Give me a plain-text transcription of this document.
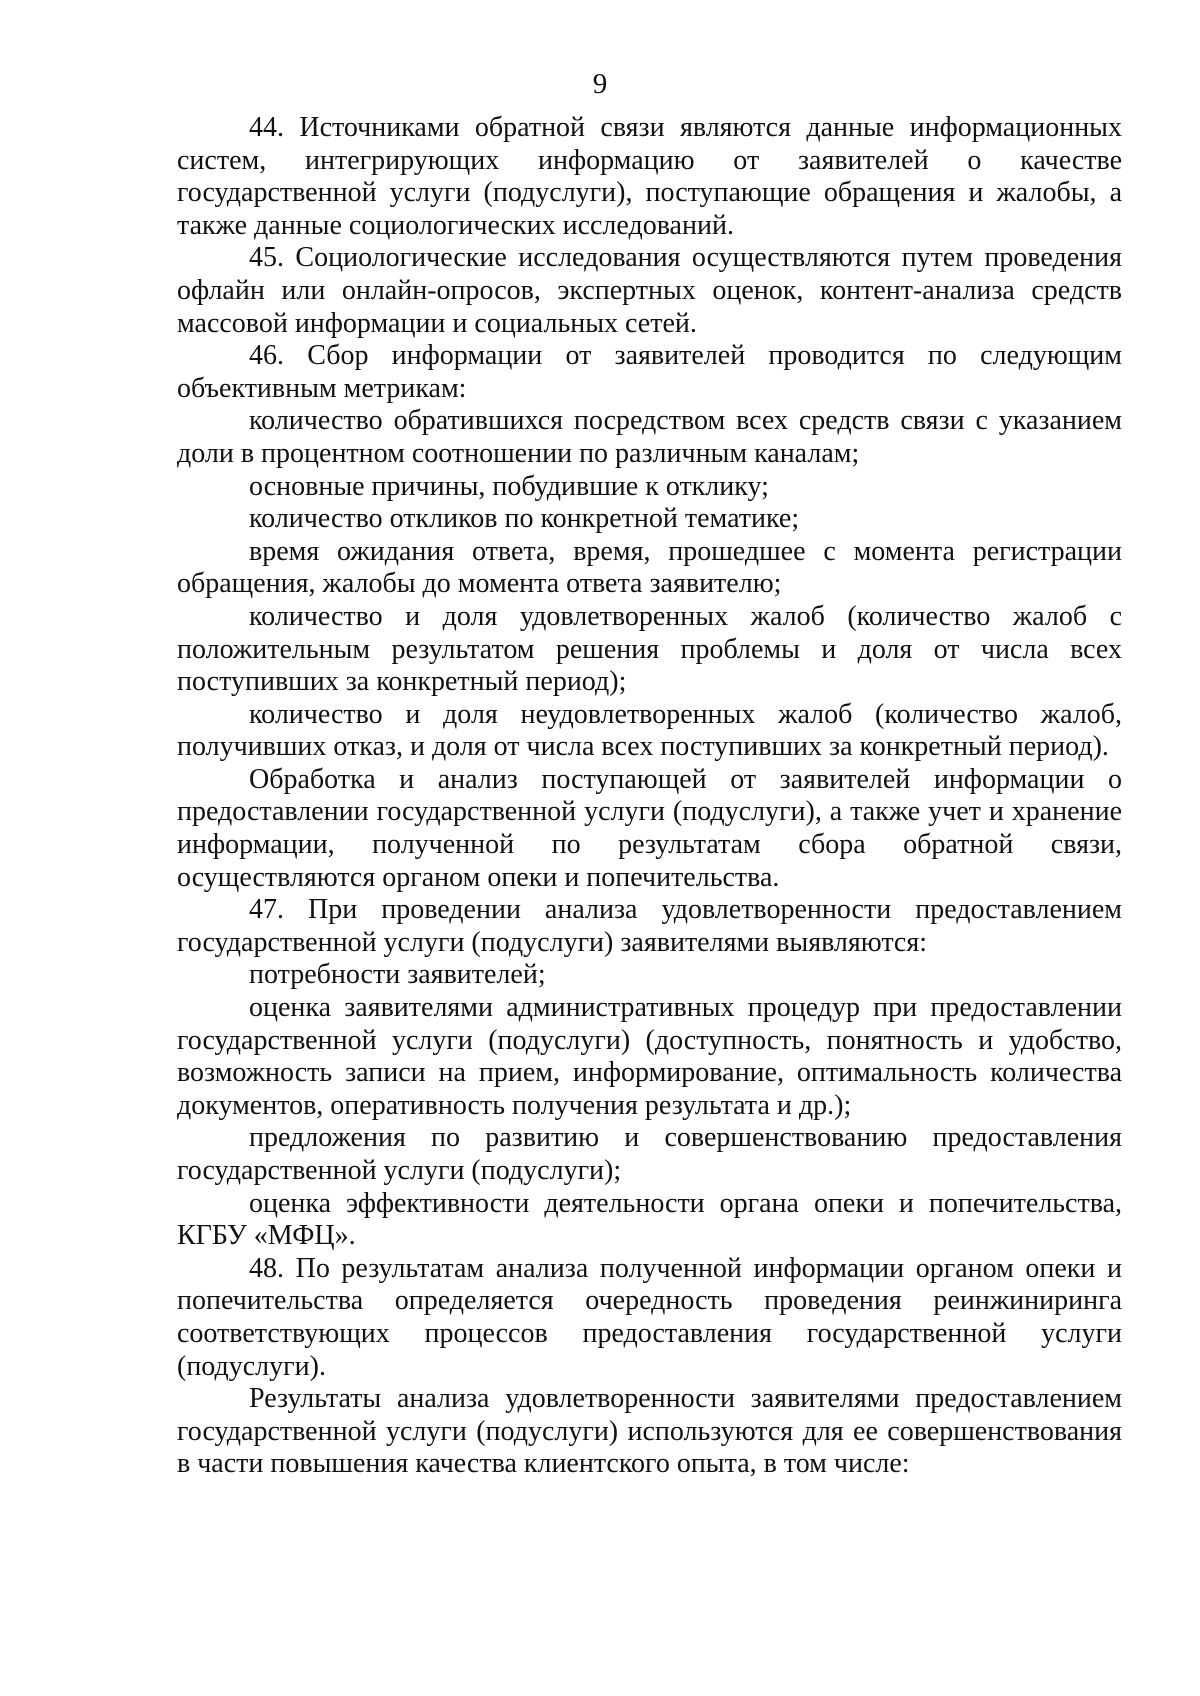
9

44. Источниками обратной связи являются данные информационных систем, интегрирующих информацию от заявителей о качестве государственной услуги (подуслуги), поступающие обращения и жалобы, а также данные социологических исследований.

45. Социологические исследования осуществляются путем проведения офлайн или онлайн-опросов, экспертных оценок, контент-анализа средств массовой информации и социальных сетей.

46. Сбор информации от заявителей проводится по следующим объективным метрикам:

количество обратившихся посредством всех средств связи с указанием доли в процентном соотношении по различным каналам;

основные причины, побудившие к отклику;

количество откликов по конкретной тематике;

время ожидания ответа, время, прошедшее с момента регистрации обращения, жалобы до момента ответа заявителю;

количество и доля удовлетворенных жалоб (количество жалоб с положительным результатом решения проблемы и доля от числа всех поступивших за конкретный период);

количество и доля неудовлетворенных жалоб (количество жалоб, получивших отказ, и доля от числа всех поступивших за конкретный период).

Обработка и анализ поступающей от заявителей информации о предоставлении государственной услуги (подуслуги), а также учет и хранение информации, полученной по результатам сбора обратной связи, осуществляются органом опеки и попечительства.

47. При проведении анализа удовлетворенности предоставлением государственной услуги (подуслуги) заявителями выявляются:

потребности заявителей;

оценка заявителями административных процедур при предоставлении государственной услуги (подуслуги) (доступность, понятность и удобство, возможность записи на прием, информирование, оптимальность количества документов, оперативность получения результата и др.);

предложения по развитию и совершенствованию предоставления государственной услуги (подуслуги);

оценка эффективности деятельности органа опеки и попечительства, КГБУ «МФЦ».

48. По результатам анализа полученной информации органом опеки и попечительства определяется очередность проведения реинжиниринга соответствующих процессов предоставления государственной услуги (подуслуги).

Результаты анализа удовлетворенности заявителями предоставлением государственной услуги (подуслуги) используются для ее совершенствования в части повышения качества клиентского опыта, в том числе:
